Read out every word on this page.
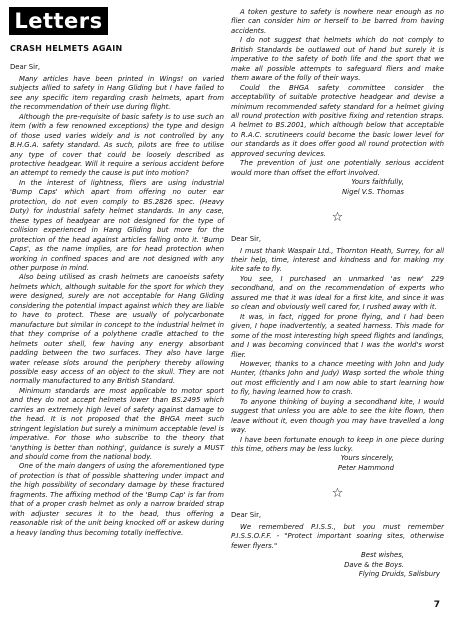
Letters
CRASH HELMETS AGAIN
Dear Sir,

Many articles have been printed in Wings! on varied subjects allied to safety in Hang Gliding but I have failed to see any specific item regarding crash helmets, apart from the recommendation of their use during flight.

Although the pre-requisite of basic safety is to use such an item (with a few renowned exceptions) the type and design of those used varies widely and is not controlled by any B.H.G.A. safety standard. As such, pilots are free to utilise any type of cover that could be loosely described as protective headgear. Will it require a serious accident before an attempt to remedy the cause is put into motion?

In the interest of lightness, fliers are using industrial 'Bump Caps' which apart from offering no outer ear protection, do not even comply to BS.2826 spec. (Heavy Duty) for industrial safety helmet standards. In any case, these types of headgear are not designed for the type of collision experienced in Hang Gliding but more for the protection of the head against articles falling onto it. 'Bump Caps', as the name implies, are for head protection when working in confined spaces and are not designed with any other purpose in mind.

Also being utilised as crash helmets are canoeists safety helmets which, although suitable for the sport for which they were designed, surely are not acceptable for Hang Gliding considering the potential impact against which they are liable to have to protect. These are usually of polycarbonate manufacture but similar in concept to the industrial helmet in that they comprise of a polythene cradle attached to the helmets outer shell, few having any energy absorbant padding between the two surfaces. They also have large water release slots around the periphery thereby allowing possible easy access of an object to the skull. They are not normally manufactured to any British Standard.

Minimum standards are most applicable to motor sport and they do not accept helmets lower than BS.2495 which carries an extremely high level of safety against damage to the head. It is not proposed that the BHGA meet such stringent legislation but surely a minimum acceptable level is imperative. For those who subscribe to the theory that 'anything is better than nothing', guidance is surely a MUST and should come from the national body.

One of the main dangers of using the aforementioned type of protection is that of possible shattering under impact and the high possibility of secondary damage by these fractured fragments. The affixing method of the 'Bump Cap' is far from that of a proper crash helmet as only a narrow braided strap with adjuster secures it to the head, thus offering a reasonable risk of the unit being knocked off or askew during a heavy landing thus becoming totally ineffective.

A token gesture to safety is nowhere near enough as no flier can consider him or herself to be barred from having accidents.

I do not suggest that helmets which do not comply to British Standards be outlawed out of hand but surely it is imperative to the safety of both life and the sport that we make all possible attempts to safeguard fliers and make them aware of the folly of their ways.

Could the BHGA safety committee consider the acceptability of suitable protective headgear and devise a minimum recommended safety standard for a helmet giving all round protection with positive fixing and retention straps. A helmet to BS.2001, which although below that acceptable to R.A.C. scrutineers could become the basic lower level for our standards as it does offer good all round protection with approved securing devices.

The prevention of just one potentially serious accident would more than offset the effort involved.

Yours faithfully,

Nigel V.S. Thomas

☆
Dear Sir,

I must thank Waspair Ltd., Thornton Heath, Surrey, for all their help, time, interest and kindness and for making my kite safe to fly.

You see, I purchased an unmarked 'as new' 229 secondhand, and on the recommendation of experts who assured me that it was ideal for a first kite, and since it was so clean and obviously well cared for, I rushed away with it.

It was, in fact, rigged for prone flying, and I had been given, I hope inadvertently, a seated harness. This made for some of the most interesting high speed flights and landings, and I was becoming convinced that I was the world's worst flier.

However, thanks to a chance meeting with John and Judy Hunter, (thanks John and Judy) Wasp sorted the whole thing out most efficiently and I am now able to start learning how to fly, having learned how to crash.

To anyone thinking of buying a secondhand kite, I would suggest that unless you are able to see the kite flown, then leave without it, even though you may have travelled a long way.

I have been fortunate enough to keep in one piece during this time, others may be less lucky.

Yours sincerely,

Peter Hammond

☆
Dear Sir,

We remembered P.I.S.S., but you must remember P.I.S.S.O.F.F. - "Protect important soaring sites, otherwise fewer flyers."

Best wishes,

Dave & the Boys.

Flying Druids, Salisbury

7
